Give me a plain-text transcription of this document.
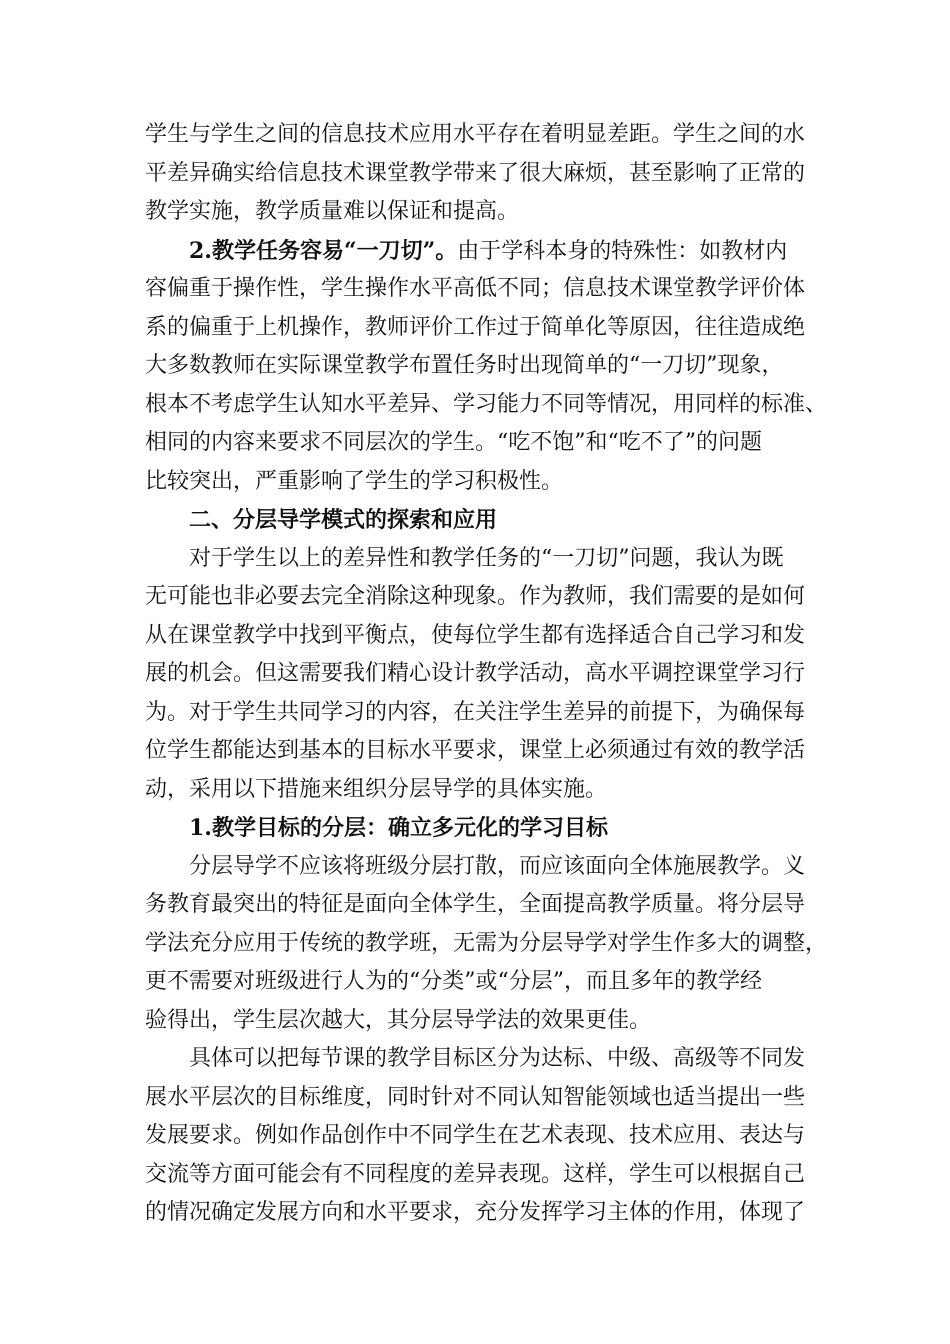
学生与学生之间的信息技术应用水平存在着明显差距。学生之间的水
平差异确实给信息技术课堂教学带来了很大麻烦，甚至影响了正常的
教学实施，教学质量难以保证和提高。
2.教学任务容易“一刀切”。由于学科本身的特殊性：如教材内
容偏重于操作性，学生操作水平高低不同；信息技术课堂教学评价体
系的偏重于上机操作，教师评价工作过于简单化等原因，往往造成绝
大多数教师在实际课堂教学布置任务时出现简单的“一刀切”现象，
根本不考虑学生认知水平差异、学习能力不同等情况，用同样的标准、
相同的内容来要求不同层次的学生。“吃不饱”和“吃不了”的问题
比较突出，严重影响了学生的学习积极性。
二、分层导学模式的探索和应用
对于学生以上的差异性和教学任务的“一刀切”问题，我认为既
无可能也非必要去完全消除这种现象。作为教师，我们需要的是如何
从在课堂教学中找到平衡点，使每位学生都有选择适合自己学习和发
展的机会。但这需要我们精心设计教学活动，高水平调控课堂学习行
为。对于学生共同学习的内容，在关注学生差异的前提下，为确保每
位学生都能达到基本的目标水平要求，课堂上必须通过有效的教学活
动，采用以下措施来组织分层导学的具体实施。
1.教学目标的分层：确立多元化的学习目标
分层导学不应该将班级分层打散，而应该面向全体施展教学。义
务教育最突出的特征是面向全体学生，全面提高教学质量。将分层导
学法充分应用于传统的教学班，无需为分层导学对学生作多大的调整，
更不需要对班级进行人为的“分类”或“分层”，而且多年的教学经
验得出，学生层次越大，其分层导学法的效果更佳。
具体可以把每节课的教学目标区分为达标、中级、高级等不同发
展水平层次的目标维度，同时针对不同认知智能领域也适当提出一些
发展要求。例如作品创作中不同学生在艺术表现、技术应用、表达与
交流等方面可能会有不同程度的差异表现。这样，学生可以根据自己
的情况确定发展方向和水平要求，充分发挥学习主体的作用，体现了
